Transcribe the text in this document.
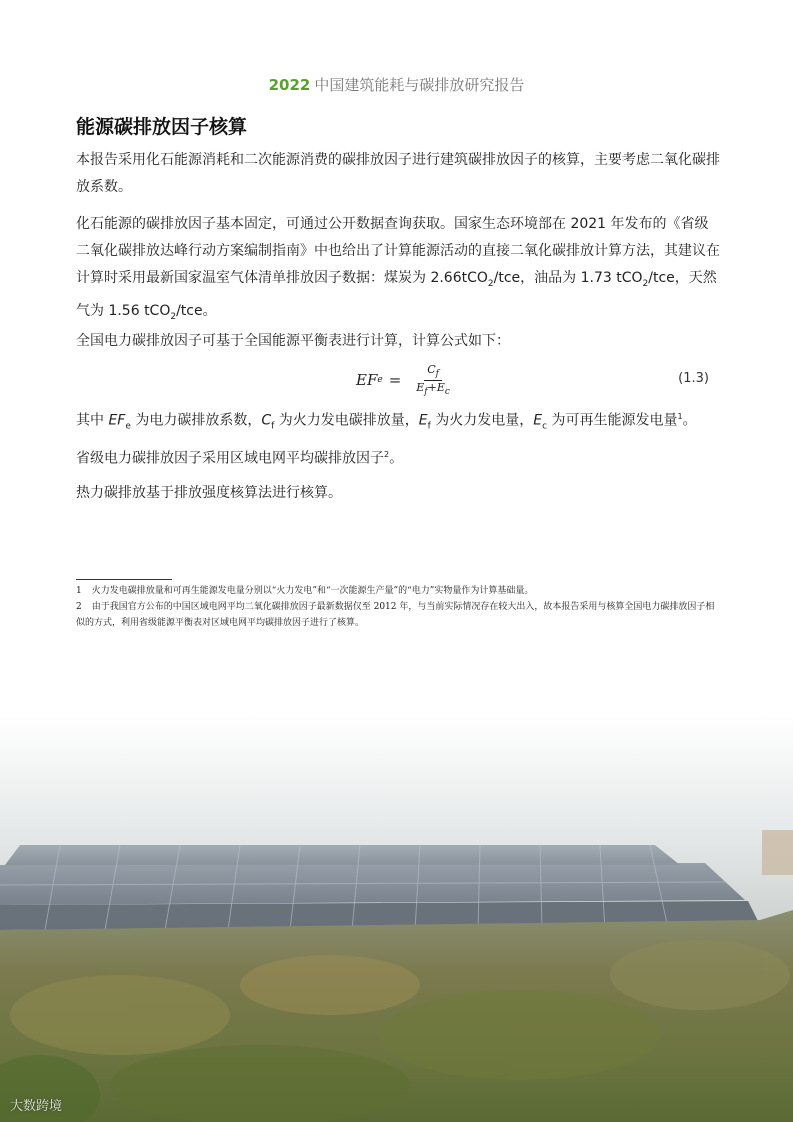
2022 中国建筑能耗与碳排放研究报告
能源碳排放因子核算

本报告采用化石能源消耗和二次能源消费的碳排放因子进行建筑碳排放因子的核算，主要考虑二氧化碳排放系数。

化石能源的碳排放因子基本固定，可通过公开数据查询获取。国家生态环境部在 2021 年发布的《省级二氧化碳排放达峰行动方案编制指南》中也给出了计算能源活动的直接二氧化碳排放计算方法，其建议在计算时采用最新国家温室气体清单排放因子数据：煤炭为 2.66tCO$_2$/tce，油品为 1.73 tCO$_2$/tce，天然气为 1.56 tCO$_2$/tce。

全国电力碳排放因子可基于全国能源平衡表进行计算，计算公式如下：

EF $e = \frac{C_f}{E_f+E_c}$	(1.3)

其中 $EF_e$ 为电力碳排放系数，$C_f$ 为火力发电碳排放量，$E_f$ 为火力发电量，$E_c$ 为可再生能源发电量$^1$。

省级电力碳排放因子采用区域电网平均碳排放因子$^2$。

热力碳排放基于排放强度核算法进行核算。

1 火力发电碳排放量和可再生能源发电量分别以“火力发电”和“一次能源生产量”的“电力”实物量作为计算基础量。
2 由于我国官方公布的中国区域电网平均二氧化碳排放因子最新数据仅至 2012 年，与当前实际情况存在较大出入，故本报告采用与核算全国电力碳排放因子相似的方式，利用省级能源平衡表对区域电网平均碳排放因子进行了核算。
大数跨境
